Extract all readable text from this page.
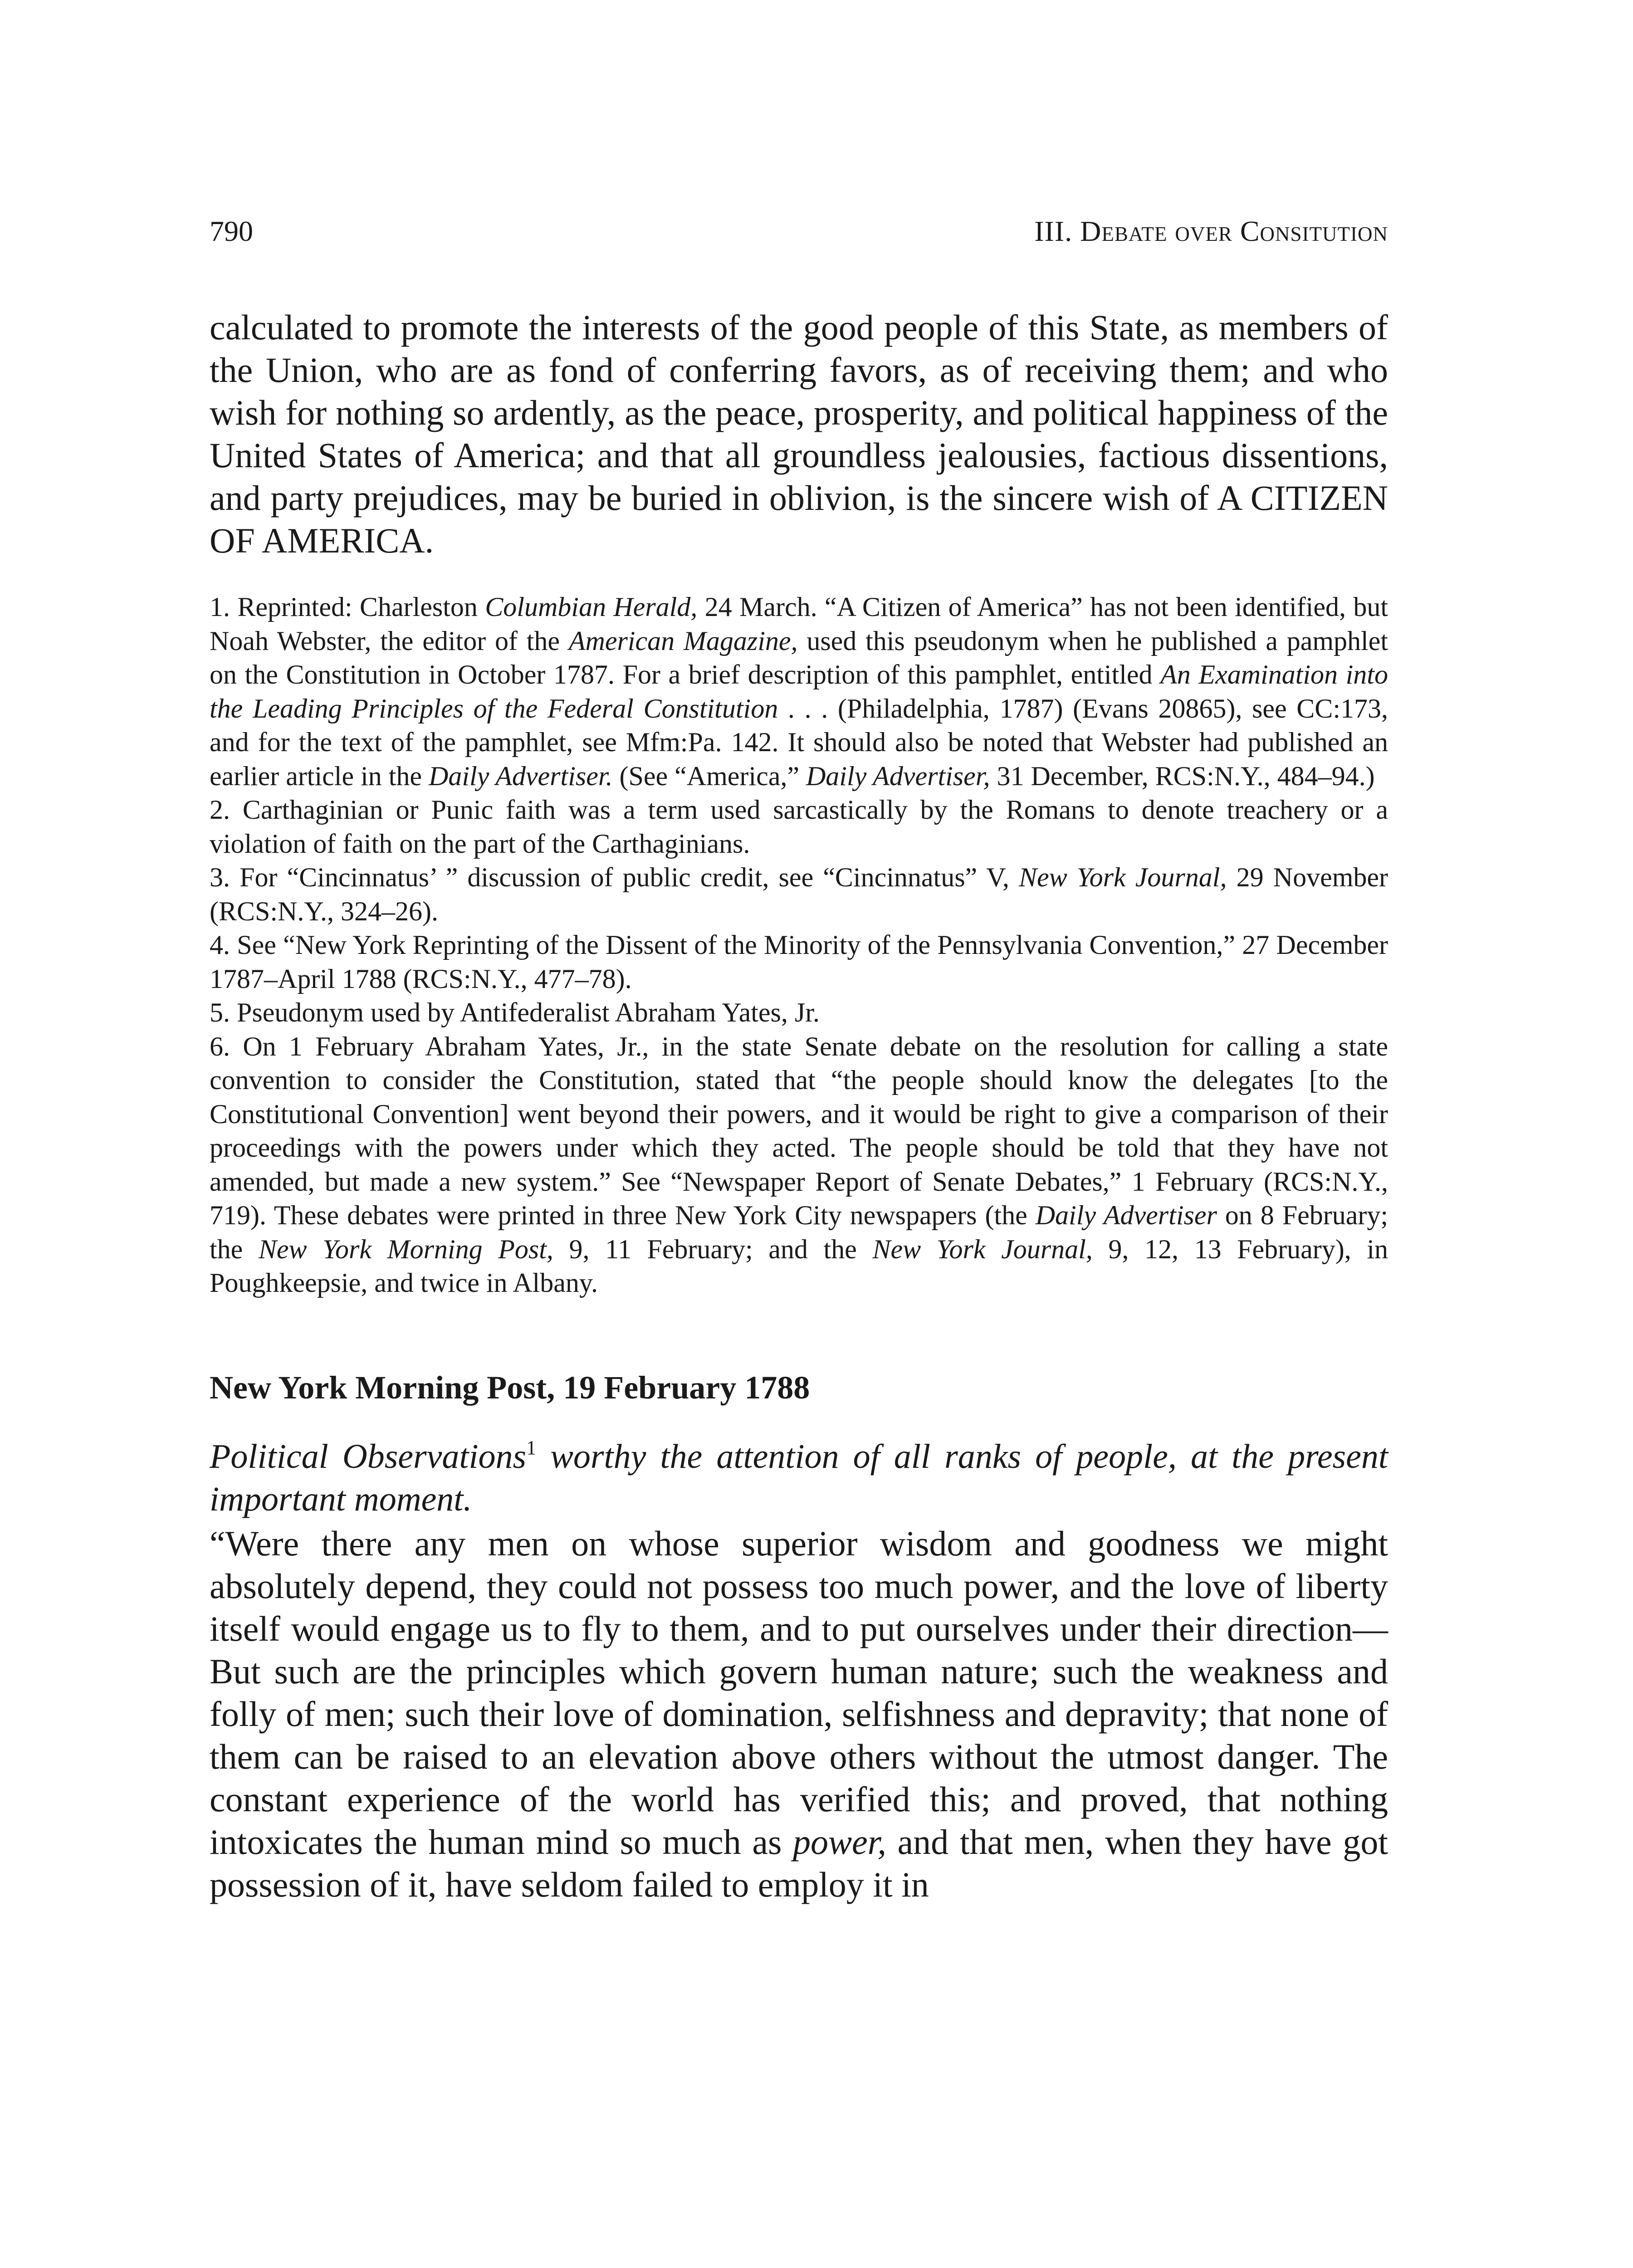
790	III. Debate over Consitution

calculated to promote the interests of the good people of this State, as members of the Union, who are as fond of conferring favors, as of receiving them; and who wish for nothing so ardently, as the peace, prosperity, and political happiness of the United States of America; and that all groundless jealousies, factious dissentions, and party prejudices, may be buried in oblivion, is the sincere wish of A CITIZEN OF AMERICA.

1. Reprinted: Charleston Columbian Herald, 24 March. “A Citizen of America” has not been identified, but Noah Webster, the editor of the American Magazine, used this pseudonym when he published a pamphlet on the Constitution in October 1787. For a brief description of this pamphlet, entitled An Examination into the Leading Principles of the Federal Constitution . . . (Philadelphia, 1787) (Evans 20865), see CC:173, and for the text of the pamphlet, see Mfm:Pa. 142. It should also be noted that Webster had published an earlier article in the Daily Advertiser. (See “America,” Daily Advertiser, 31 December, RCS:N.Y., 484–94.)

2. Carthaginian or Punic faith was a term used sarcastically by the Romans to denote treachery or a violation of faith on the part of the Carthaginians.

3. For “Cincinnatus’ ” discussion of public credit, see “Cincinnatus” V, New York Journal, 29 November (RCS:N.Y., 324–26).

4. See “New York Reprinting of the Dissent of the Minority of the Pennsylvania Convention,” 27 December 1787–April 1788 (RCS:N.Y., 477–78).

5. Pseudonym used by Antifederalist Abraham Yates, Jr.

6. On 1 February Abraham Yates, Jr., in the state Senate debate on the resolution for calling a state convention to consider the Constitution, stated that “the people should know the delegates [to the Constitutional Convention] went beyond their powers, and it would be right to give a comparison of their proceedings with the powers under which they acted. The people should be told that they have not amended, but made a new system.” See “Newspaper Report of Senate Debates,” 1 February (RCS:N.Y., 719). These debates were printed in three New York City newspapers (the Daily Advertiser on 8 February; the New York Morning Post, 9, 11 February; and the New York Journal, 9, 12, 13 February), in Poughkeepsie, and twice in Albany.

New York Morning Post, 19 February 1788

Political Observations$^1$ worthy the attention of all ranks of people, at the present important moment.

“Were there any men on whose superior wisdom and goodness we might absolutely depend, they could not possess too much power, and the love of liberty itself would engage us to fly to them, and to put ourselves under their direction—But such are the principles which govern human nature; such the weakness and folly of men; such their love of domination, selfishness and depravity; that none of them can be raised to an elevation above others without the utmost danger. The constant experience of the world has verified this; and proved, that nothing intoxicates the human mind so much as power, and that men, when they have got possession of it, have seldom failed to employ it in
